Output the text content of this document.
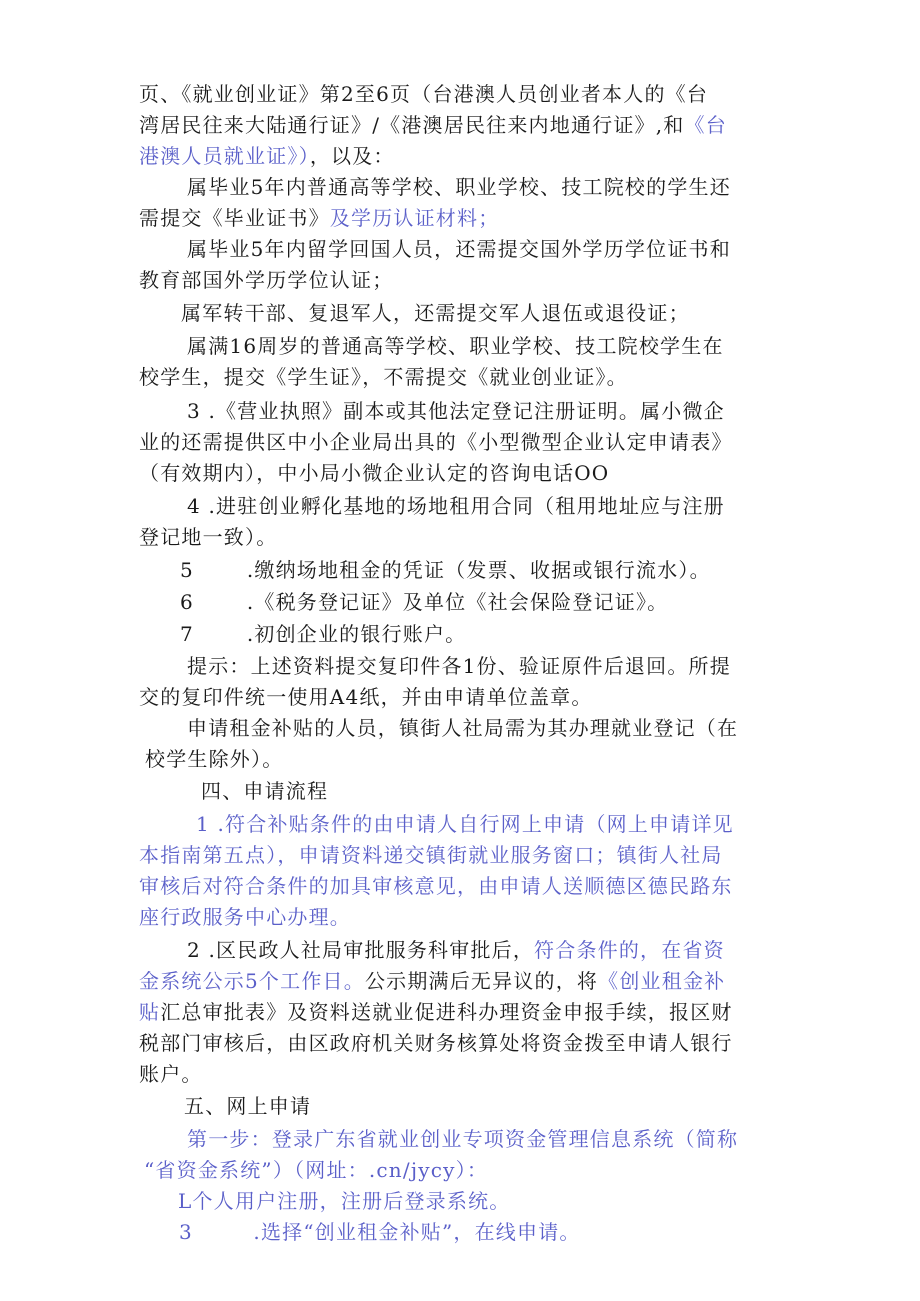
页、《就业创业证》第2至6页（台港澳人员创业者本人的《台
湾居民往来大陆通行证》/《港澳居民往来内地通行证》,和《台
港澳人员就业证》），以及：
属毕业5年内普通高等学校、职业学校、技工院校的学生还
需提交《毕业证书》及学历认证材料；
属毕业5年内留学回国人员，还需提交国外学历学位证书和
教育部国外学历学位认证；
属军转干部、复退军人，还需提交军人退伍或退役证；
属满16周岁的普通高等学校、职业学校、技工院校学生在
校学生，提交《学生证》，不需提交《就业创业证》。
3 .《营业执照》副本或其他法定登记注册证明。属小微企
业的还需提供区中小企业局出具的《小型微型企业认定申请表》
（有效期内），中小局小微企业认定的咨询电话OO
4 .进驻创业孵化基地的场地租用合同（租用地址应与注册
登记地一致）。
5       .缴纳场地租金的凭证（发票、收据或银行流水）。
6       .《税务登记证》及单位《社会保险登记证》。
7       .初创企业的银行账户。
提示：上述资料提交复印件各1份、验证原件后退回。所提
交的复印件统一使用A4纸，并由申请单位盖章。
申请租金补贴的人员，镇街人社局需为其办理就业登记（在
校学生除外）。
四、申请流程
1 .符合补贴条件的由申请人自行网上申请（网上申请详见
本指南第五点），申请资料递交镇街就业服务窗口；镇街人社局
审核后对符合条件的加具审核意见，由申请人送顺德区德民路东
座行政服务中心办理。
2 .区民政人社局审批服务科审批后，符合条件的，在省资
金系统公示5个工作日。公示期满后无异议的，将《创业租金补
贴汇总审批表》及资料送就业促进科办理资金申报手续，报区财
税部门审核后，由区政府机关财务核算处将资金拨至申请人银行
账户。
五、网上申请
第一步：登录广东省就业创业专项资金管理信息系统（简称
“省资金系统”）（网址：.cn/jycy）：
L个人用户注册，注册后登录系统。
3        .选择“创业租金补贴”，在线申请。
